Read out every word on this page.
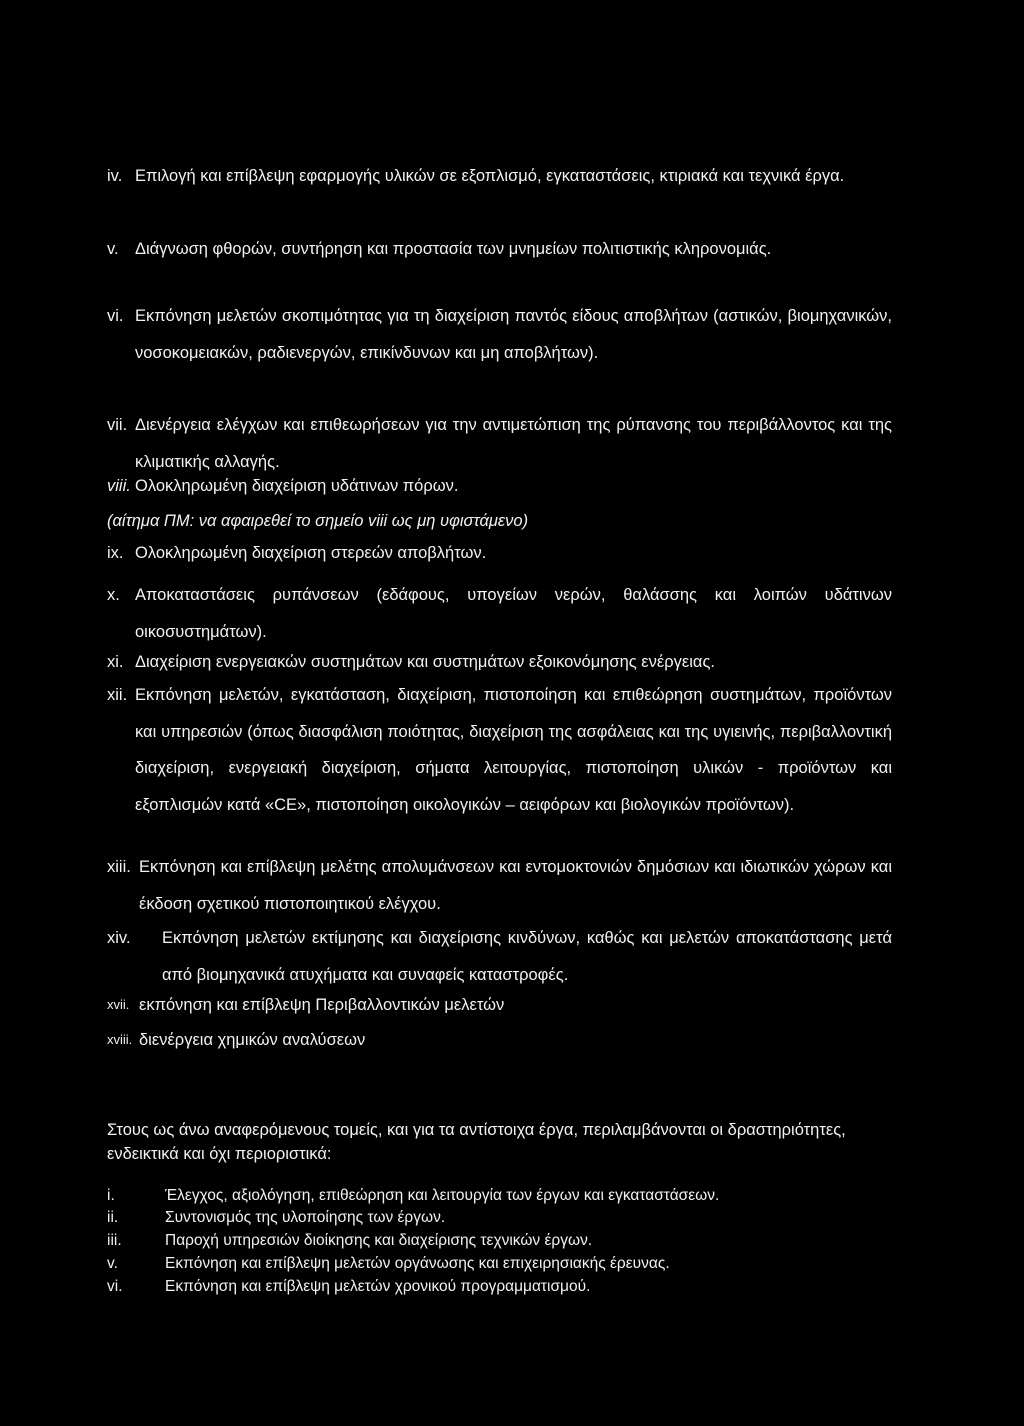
iv. Επιλογή και επίβλεψη εφαρμογής υλικών σε εξοπλισμό, εγκαταστάσεις, κτιριακά και τεχνικά έργα.
v. Διάγνωση φθορών, συντήρηση και προστασία των μνημείων πολιτιστικής κληρονομιάς.
vi. Εκπόνηση μελετών σκοπιμότητας για τη διαχείριση παντός είδους αποβλήτων (αστικών, βιομηχανικών, νοσοκομειακών, ραδιενεργών, επικίνδυνων και μη αποβλήτων).
vii. Διενέργεια ελέγχων και επιθεωρήσεων για την αντιμετώπιση της ρύπανσης του περιβάλλοντος και της κλιματικής αλλαγής.
viii. Ολοκληρωμένη διαχείριση υδάτινων πόρων.
(αίτημα ΠΜ: να αφαιρεθεί το σημείο viii ως μη υφιστάμενο)
ix. Ολοκληρωμένη διαχείριση στερεών αποβλήτων.
x. Αποκαταστάσεις ρυπάνσεων (εδάφους, υπογείων νερών, θαλάσσης και λοιπών υδάτινων οικοσυστημάτων).
xi. Διαχείριση ενεργειακών συστημάτων και συστημάτων εξοικονόμησης ενέργειας.
xii. Εκπόνηση μελετών, εγκατάσταση, διαχείριση, πιστοποίηση και επιθεώρηση συστημάτων, προϊόντων και υπηρεσιών (όπως διασφάλιση ποιότητας, διαχείριση της ασφάλειας και της υγιεινής, περιβαλλοντική διαχείριση, ενεργειακή διαχείριση, σήματα λειτουργίας, πιστοποίηση υλικών - προϊόντων και εξοπλισμών κατά «CE», πιστοποίηση οικολογικών – αειφόρων και βιολογικών προϊόντων).
xiii. Εκπόνηση και επίβλεψη μελέτης απολυμάνσεων και εντομοκτονιών δημόσιων και ιδιωτικών χώρων και έκδοση σχετικού πιστοποιητικού ελέγχου.
xiv.	Εκπόνηση μελετών εκτίμησης και διαχείρισης κινδύνων, καθώς και μελετών αποκατάστασης μετά από βιομηχανικά ατυχήματα και συναφείς καταστροφές.
xvii. εκπόνηση και επίβλεψη Περιβαλλοντικών μελετών
xviii. διενέργεια χημικών αναλύσεων
Στους ως άνω αναφερόμενους τομείς, και για τα αντίστοιχα έργα, περιλαμβάνονται οι δραστηριότητες, ενδεικτικά και όχι περιοριστικά:
i.	Έλεγχος, αξιολόγηση, επιθεώρηση και λειτουργία των έργων και εγκαταστάσεων.
ii.	Συντονισμός της υλοποίησης των έργων.
iii.	Παροχή υπηρεσιών διοίκησης και διαχείρισης τεχνικών έργων.
v.	Εκπόνηση και επίβλεψη μελετών οργάνωσης και επιχειρησιακής έρευνας.
vi.	Εκπόνηση και επίβλεψη μελετών χρονικού προγραμματισμού.
